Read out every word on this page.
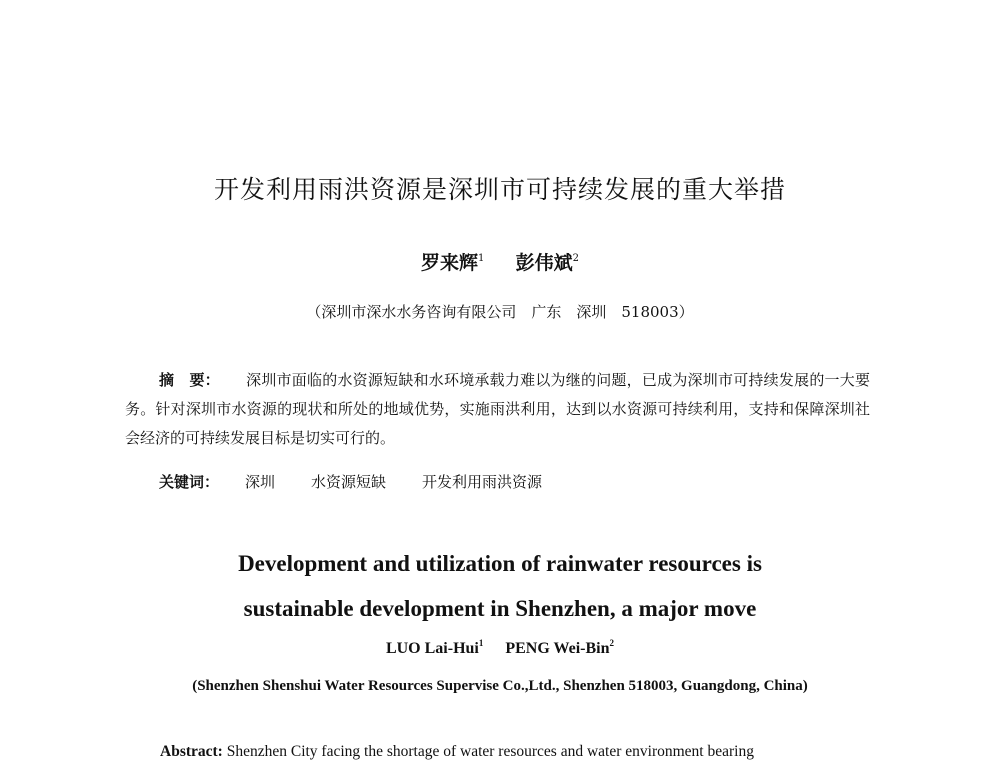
开发利用雨洪资源是深圳市可持续发展的重大举措
罗来辉$^1$ 彭伟斌$^2$
（深圳市深水水务咨询有限公司　广东　深圳　518003）
摘　要： 深圳市面临的水资源短缺和水环境承载力难以为继的问题，已成为深圳市可持续发展的一大要务。针对深圳市水资源的现状和所处的地域优势，实施雨洪利用，达到以水资源可持续利用，支持和保障深圳社会经济的可持续发展目标是切实可行的。
关键词： 深圳 水资源短缺 开发利用雨洪资源
Development and utilization of rainwater resources is
sustainable development in Shenzhen, a major move
LUO Lai-Hui$^1$ PENG Wei-Bin$^2$
(Shenzhen Shenshui Water Resources Supervise Co.,Ltd., Shenzhen 518003, Guangdong, China)
Abstract: Shenzhen City facing the shortage of water resources and water environment bearing
